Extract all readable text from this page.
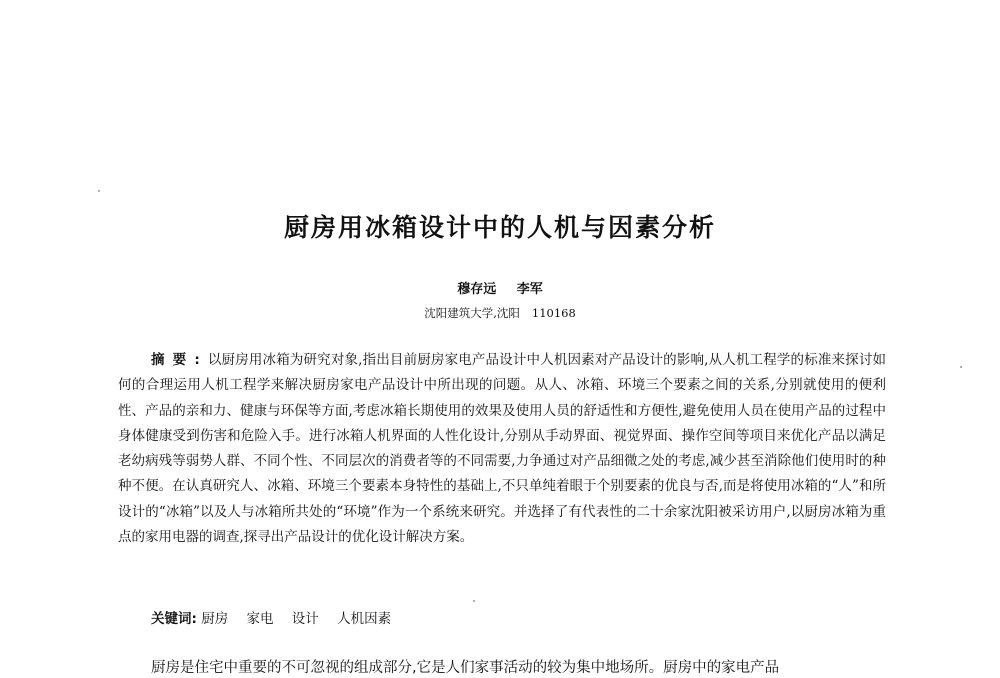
厨房用冰箱设计中的人机与因素分析
穆存远 李军
沈阳建筑大学,沈阳 110168
摘要:以厨房用冰箱为研究对象,指出目前厨房家电产品设计中人机因素对产品设计的影响,从人机工程学的标准来探讨如何的合理运用人机工程学来解决厨房家电产品设计中所出现的问题。从人、冰箱、环境三个要素之间的关系,分别就使用的便利性、产品的亲和力、健康与环保等方面,考虑冰箱长期使用的效果及使用人员的舒适性和方便性,避免使用人员在使用产品的过程中身体健康受到伤害和危险入手。进行冰箱人机界面的人性化设计,分别从手动界面、视觉界面、操作空间等项目来优化产品以满足老幼病残等弱势人群、不同个性、不同层次的消费者等的不同需要,力争通过对产品细微之处的考虑,减少甚至消除他们使用时的种种不便。在认真研究人、冰箱、环境三个要素本身特性的基础上,不只单纯着眼于个别要素的优良与否,而是将使用冰箱的“人”和所设计的“冰箱”以及人与冰箱所共处的“环境”作为一个系统来研究。并选择了有代表性的二十余家沈阳被采访用户,以厨房冰箱为重点的家用电器的调查,探寻出产品设计的优化设计解决方案。
关键词: 厨房 家电 设计 人机因素
厨房是住宅中重要的不可忽视的组成部分,它是人们家事活动的较为集中地场所。厨房中的家电产品
